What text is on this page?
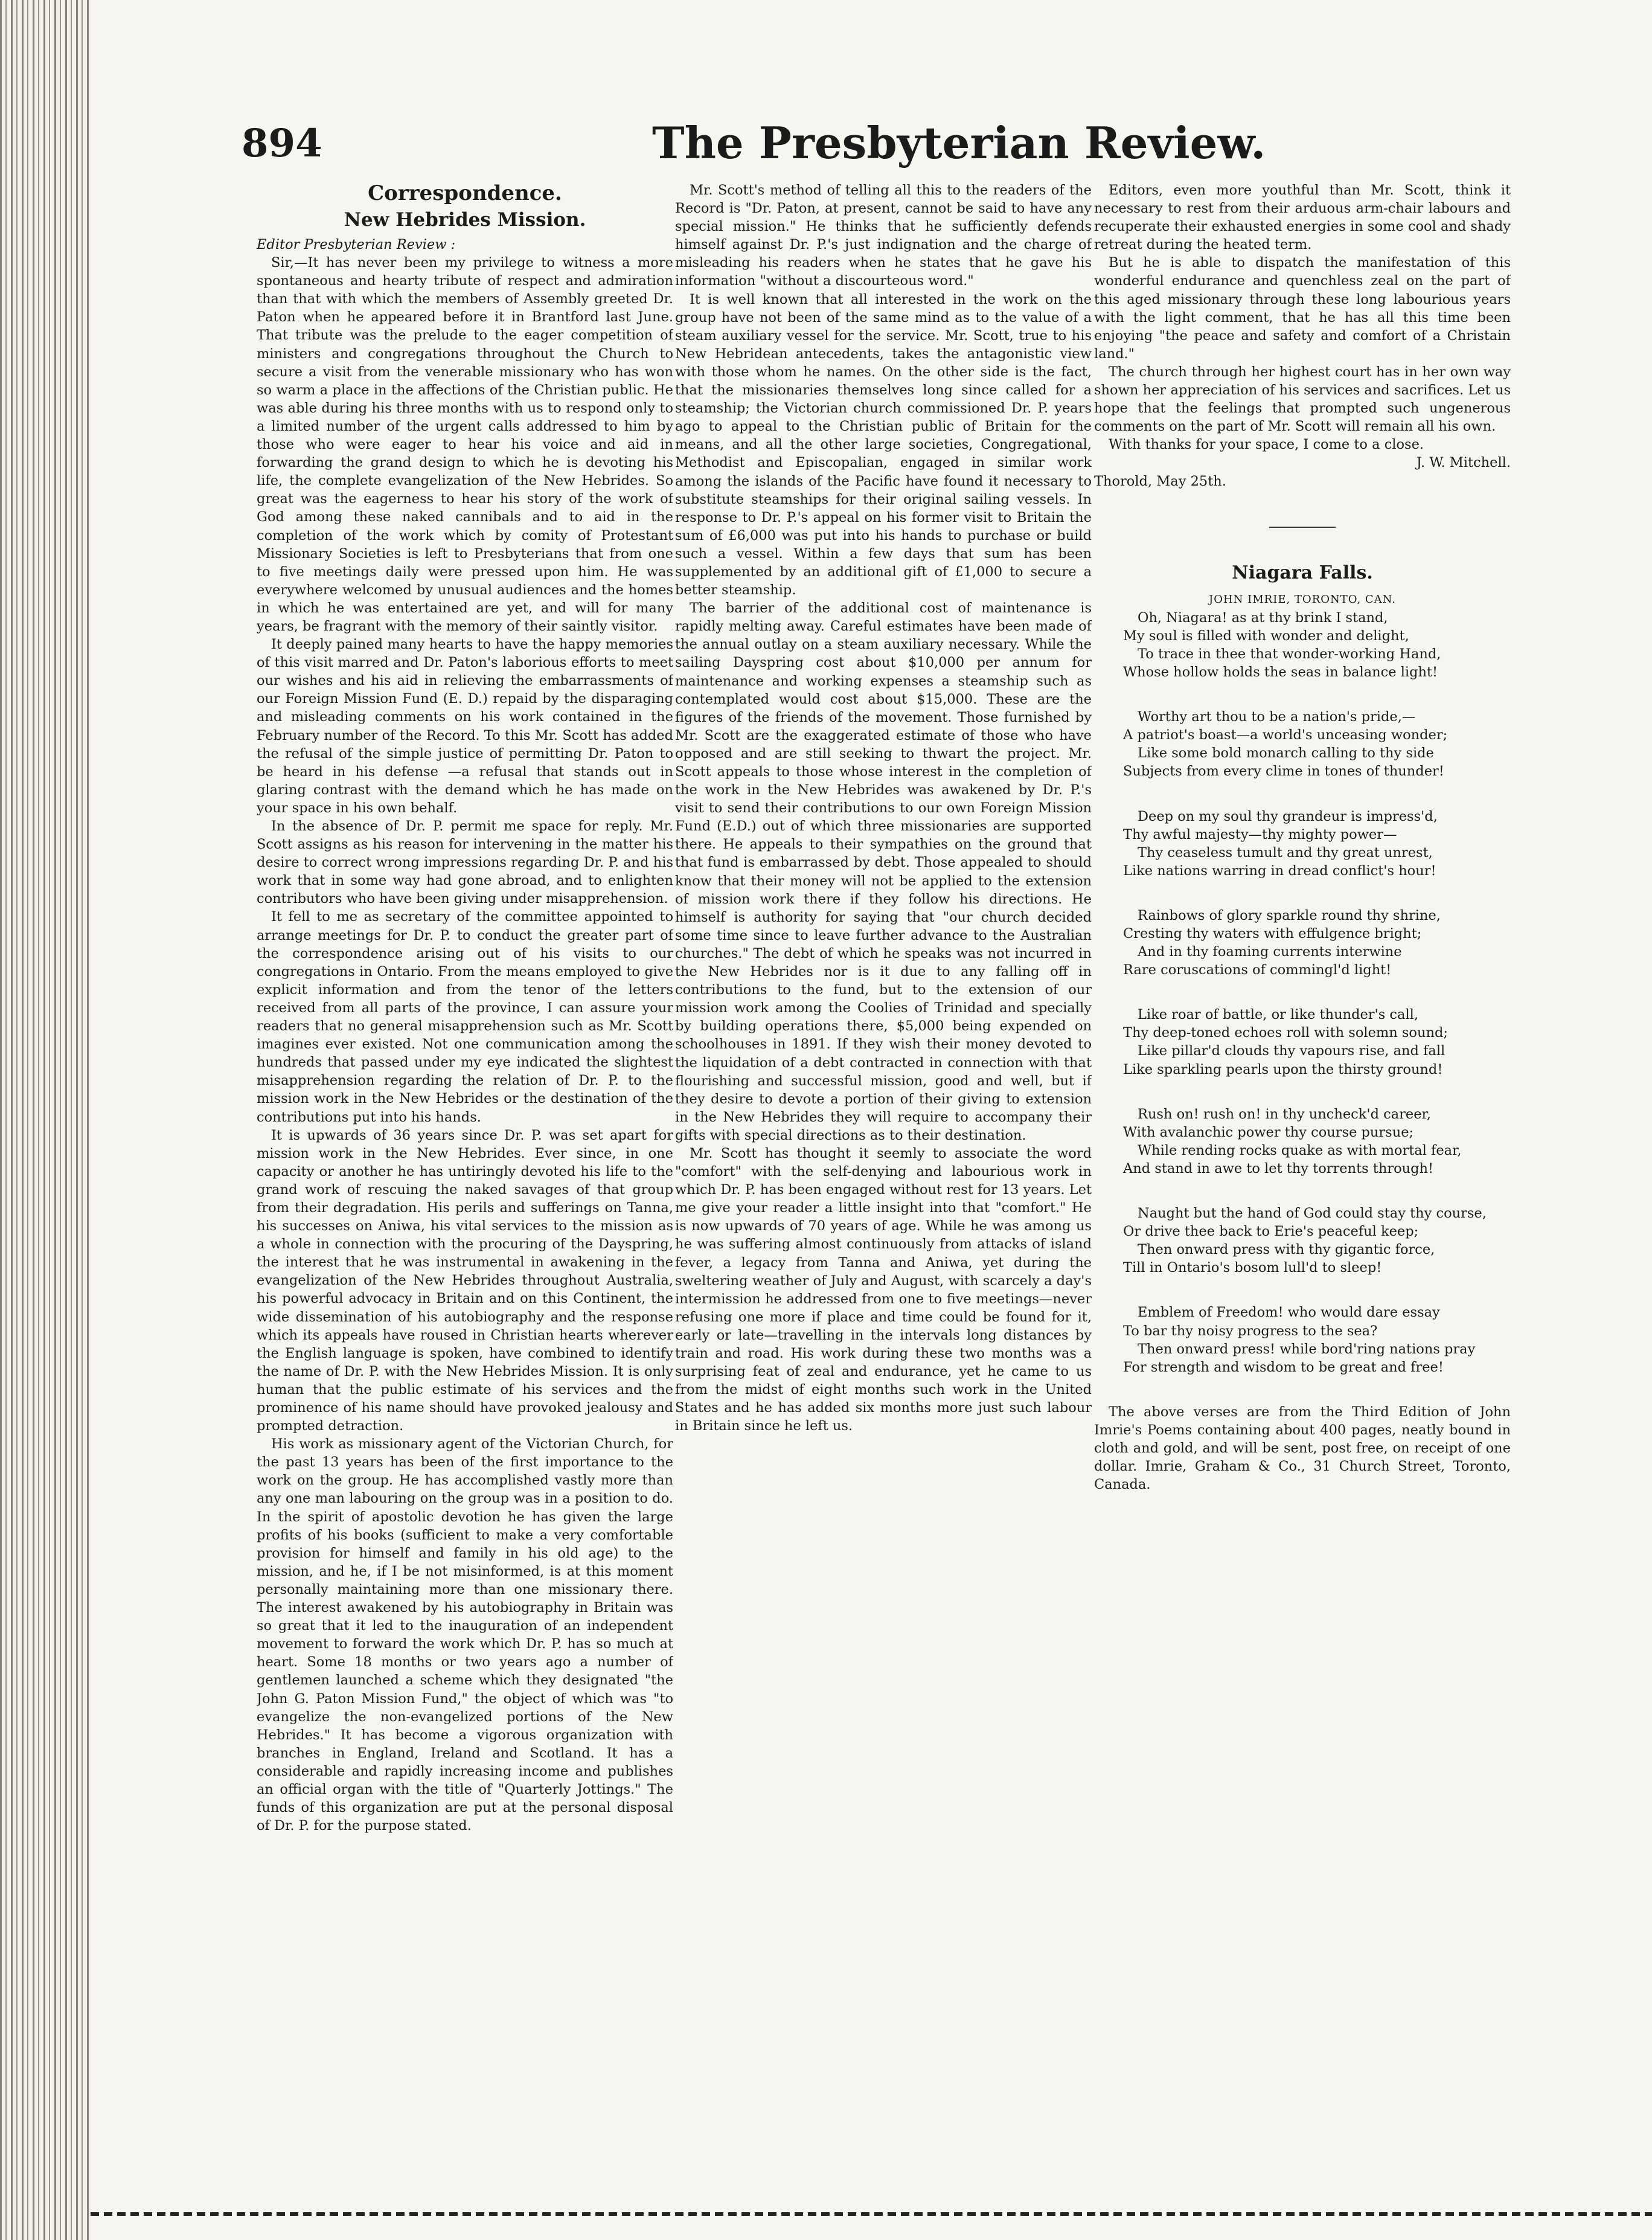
894	The Presbyterian Review.
Correspondence.
New Hebrides Mission.

Editor Presbyterian Review :

Sir,—It has never been my privilege to witness a more spontaneous and hearty tribute of respect and admiration than that with which the members of Assembly greeted Dr. Paton when he appeared before it in Brantford last June. That tribute was the prelude to the eager competition of ministers and congregations throughout the Church to secure a visit from the venerable missionary who has won so warm a place in the affections of the Christian public. He was able during his three months with us to respond only to a limited number of the urgent calls addressed to him by those who were eager to hear his voice and aid in forwarding the grand design to which he is devoting his life, the complete evangelization of the New Hebrides. So great was the eagerness to hear his story of the work of God among these naked cannibals and to aid in the completion of the work which by comity of Protestant Missionary Societies is left to Presbyterians that from one to five meetings daily were pressed upon him. He was everywhere welcomed by unusual audiences and the homes in which he was entertained are yet, and will for many years, be fragrant with the memory of their saintly visitor.

It deeply pained many hearts to have the happy memories of this visit marred and Dr. Paton's laborious efforts to meet our wishes and his aid in relieving the embarrassments of our Foreign Mission Fund (E. D.) repaid by the disparaging and misleading comments on his work contained in the February number of the Record. To this Mr. Scott has added the refusal of the simple justice of permitting Dr. Paton to be heard in his defense —a refusal that stands out in glaring contrast with the demand which he has made on your space in his own behalf.

In the absence of Dr. P. permit me space for reply. Mr. Scott assigns as his reason for intervening in the matter his desire to correct wrong impressions regarding Dr. P. and his work that in some way had gone abroad, and to enlighten contributors who have been giving under misapprehension.

It fell to me as secretary of the committee appointed to arrange meetings for Dr. P. to conduct the greater part of the correspondence arising out of his visits to our congregations in Ontario. From the means employed to give explicit information and from the tenor of the letters received from all parts of the province, I can assure your readers that no general misapprehension such as Mr. Scott imagines ever existed. Not one communication among the hundreds that passed under my eye indicated the slightest misapprehension regarding the relation of Dr. P. to the mission work in the New Hebrides or the destination of the contributions put into his hands.

It is upwards of 36 years since Dr. P. was set apart for mission work in the New Hebrides. Ever since, in one capacity or another he has untiringly devoted his life to the grand work of rescuing the naked savages of that group from their degradation. His perils and sufferings on Tanna, his successes on Aniwa, his vital services to the mission as a whole in connection with the procuring of the Dayspring, the interest that he was instrumental in awakening in the evangelization of the New Hebrides throughout Australia, his powerful advocacy in Britain and on this Continent, the wide dissemination of his autobiography and the response which its appeals have roused in Christian hearts wherever the English language is spoken, have combined to identify the name of Dr. P. with the New Hebrides Mission. It is only human that the public estimate of his services and the prominence of his name should have provoked jealousy and prompted detraction.

His work as missionary agent of the Victorian Church, for the past 13 years has been of the first importance to the work on the group. He has accomplished vastly more than any one man labouring on the group was in a position to do. In the spirit of apostolic devotion he has given the large profits of his books (sufficient to make a very comfortable provision for himself and family in his old age) to the mission, and he, if I be not misinformed, is at this moment personally maintaining more than one missionary there. The interest awakened by his autobiography in Britain was so great that it led to the inauguration of an independent movement to forward the work which Dr. P. has so much at heart. Some 18 months or two years ago a number of gentlemen launched a scheme which they designated "the John G. Paton Mission Fund," the object of which was "to evangelize the non-evangelized portions of the New Hebrides." It has become a vigorous organization with branches in England, Ireland and Scotland. It has a considerable and rapidly increasing income and publishes an official organ with the title of "Quarterly Jottings." The funds of this organization are put at the personal disposal of Dr. P. for the purpose stated.

Mr. Scott's method of telling all this to the readers of the Record is "Dr. Paton, at present, cannot be said to have any special mission." He thinks that he sufficiently defends himself against Dr. P.'s just indignation and the charge of misleading his readers when he states that he gave his information "without a discourteous word."

It is well known that all interested in the work on the group have not been of the same mind as to the value of a steam auxiliary vessel for the service. Mr. Scott, true to his New Hebridean antecedents, takes the antagonistic view with those whom he names. On the other side is the fact, that the missionaries themselves long since called for a steamship; the Victorian church commissioned Dr. P. years ago to appeal to the Christian public of Britain for the means, and all the other large societies, Congregational, Methodist and Episcopalian, engaged in similar work among the islands of the Pacific have found it necessary to substitute steamships for their original sailing vessels. In response to Dr. P.'s appeal on his former visit to Britain the sum of £6,000 was put into his hands to purchase or build such a vessel. Within a few days that sum has been supplemented by an additional gift of £1,000 to secure a better steamship.

The barrier of the additional cost of maintenance is rapidly melting away. Careful estimates have been made of the annual outlay on a steam auxiliary necessary. While the sailing Dayspring cost about $10,000 per annum for maintenance and working expenses a steamship such as contemplated would cost about $15,000. These are the figures of the friends of the movement. Those furnished by Mr. Scott are the exaggerated estimate of those who have opposed and are still seeking to thwart the project. Mr. Scott appeals to those whose interest in the completion of the work in the New Hebrides was awakened by Dr. P.'s visit to send their contributions to our own Foreign Mission Fund (E.D.) out of which three missionaries are supported there. He appeals to their sympathies on the ground that that fund is embarrassed by debt. Those appealed to should know that their money will not be applied to the extension of mission work there if they follow his directions. He himself is authority for saying that "our church decided some time since to leave further advance to the Australian churches." The debt of which he speaks was not incurred in the New Hebrides nor is it due to any falling off in contributions to the fund, but to the extension of our mission work among the Coolies of Trinidad and specially by building operations there, $5,000 being expended on schoolhouses in 1891. If they wish their money devoted to the liquidation of a debt contracted in connection with that flourishing and successful mission, good and well, but if they desire to devote a portion of their giving to extension in the New Hebrides they will require to accompany their gifts with special directions as to their destination.

Mr. Scott has thought it seemly to associate the word "comfort" with the self-denying and labourious work in which Dr. P. has been engaged without rest for 13 years. Let me give your reader a little insight into that "comfort." He is now upwards of 70 years of age. While he was among us he was suffering almost continuously from attacks of island fever, a legacy from Tanna and Aniwa, yet during the sweltering weather of July and August, with scarcely a day's intermission he addressed from one to five meetings—never refusing one more if place and time could be found for it, early or late—travelling in the intervals long distances by train and road. His work during these two months was a surprising feat of zeal and endurance, yet he came to us from the midst of eight months such work in the United States and he has added six months more just such labour in Britain since he left us.

Editors, even more youthful than Mr. Scott, think it necessary to rest from their arduous arm-chair labours and recuperate their exhausted energies in some cool and shady retreat during the heated term.

But he is able to dispatch the manifestation of this wonderful endurance and quenchless zeal on the part of this aged missionary through these long labourious years with the light comment, that he has all this time been enjoying "the peace and safety and comfort of a Christain land."

The church through her highest court has in her own way shown her appreciation of his services and sacrifices. Let us hope that the feelings that prompted such ungenerous comments on the part of Mr. Scott will remain all his own.

With thanks for your space, I come to a close.

J. W. Mitchell.

Thorold, May 25th.

Niagara Falls.

JOHN IMRIE, TORONTO, CAN.

Oh, Niagara! as at thy brink I stand,

My soul is filled with wonder and delight,

To trace in thee that wonder-working Hand,

Whose hollow holds the seas in balance light!

Worthy art thou to be a nation's pride,—

A patriot's boast—a world's unceasing wonder;

Like some bold monarch calling to thy side

Subjects from every clime in tones of thunder!

Deep on my soul thy grandeur is impress'd,

Thy awful majesty—thy mighty power—

Thy ceaseless tumult and thy great unrest,

Like nations warring in dread conflict's hour!

Rainbows of glory sparkle round thy shrine,

Cresting thy waters with effulgence bright;

And in thy foaming currents interwine

Rare coruscations of commingl'd light!

Like roar of battle, or like thunder's call,

Thy deep-toned echoes roll with solemn sound;

Like pillar'd clouds thy vapours rise, and fall

Like sparkling pearls upon the thirsty ground!

Rush on! rush on! in thy uncheck'd career,

With avalanchic power thy course pursue;

While rending rocks quake as with mortal fear,

And stand in awe to let thy torrents through!

Naught but the hand of God could stay thy course,

Or drive thee back to Erie's peaceful keep;

Then onward press with thy gigantic force,

Till in Ontario's bosom lull'd to sleep!

Emblem of Freedom! who would dare essay

To bar thy noisy progress to the sea?

Then onward press! while bord'ring nations pray

For strength and wisdom to be great and free!

The above verses are from the Third Edition of John Imrie's Poems containing about 400 pages, neatly bound in cloth and gold, and will be sent, post free, on receipt of one dollar. Imrie, Graham & Co., 31 Church Street, Toronto, Canada.
